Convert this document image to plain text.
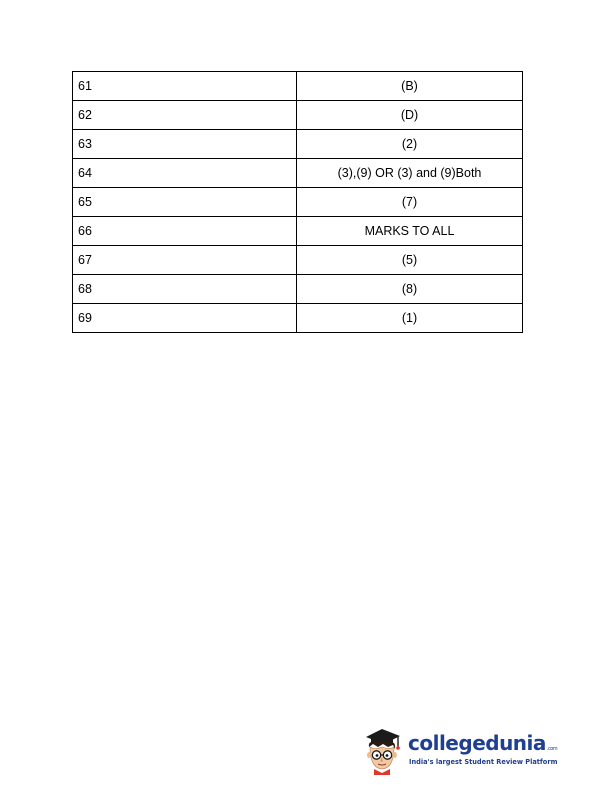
61	(B)
62	(D)
63	(2)
64	(3),(9) OR (3) and (9)Both
65	(7)
66	MARKS TO ALL
67	(5)
68	(8)
69	(1)
collegedunia.com
India's largest Student Review Platform
